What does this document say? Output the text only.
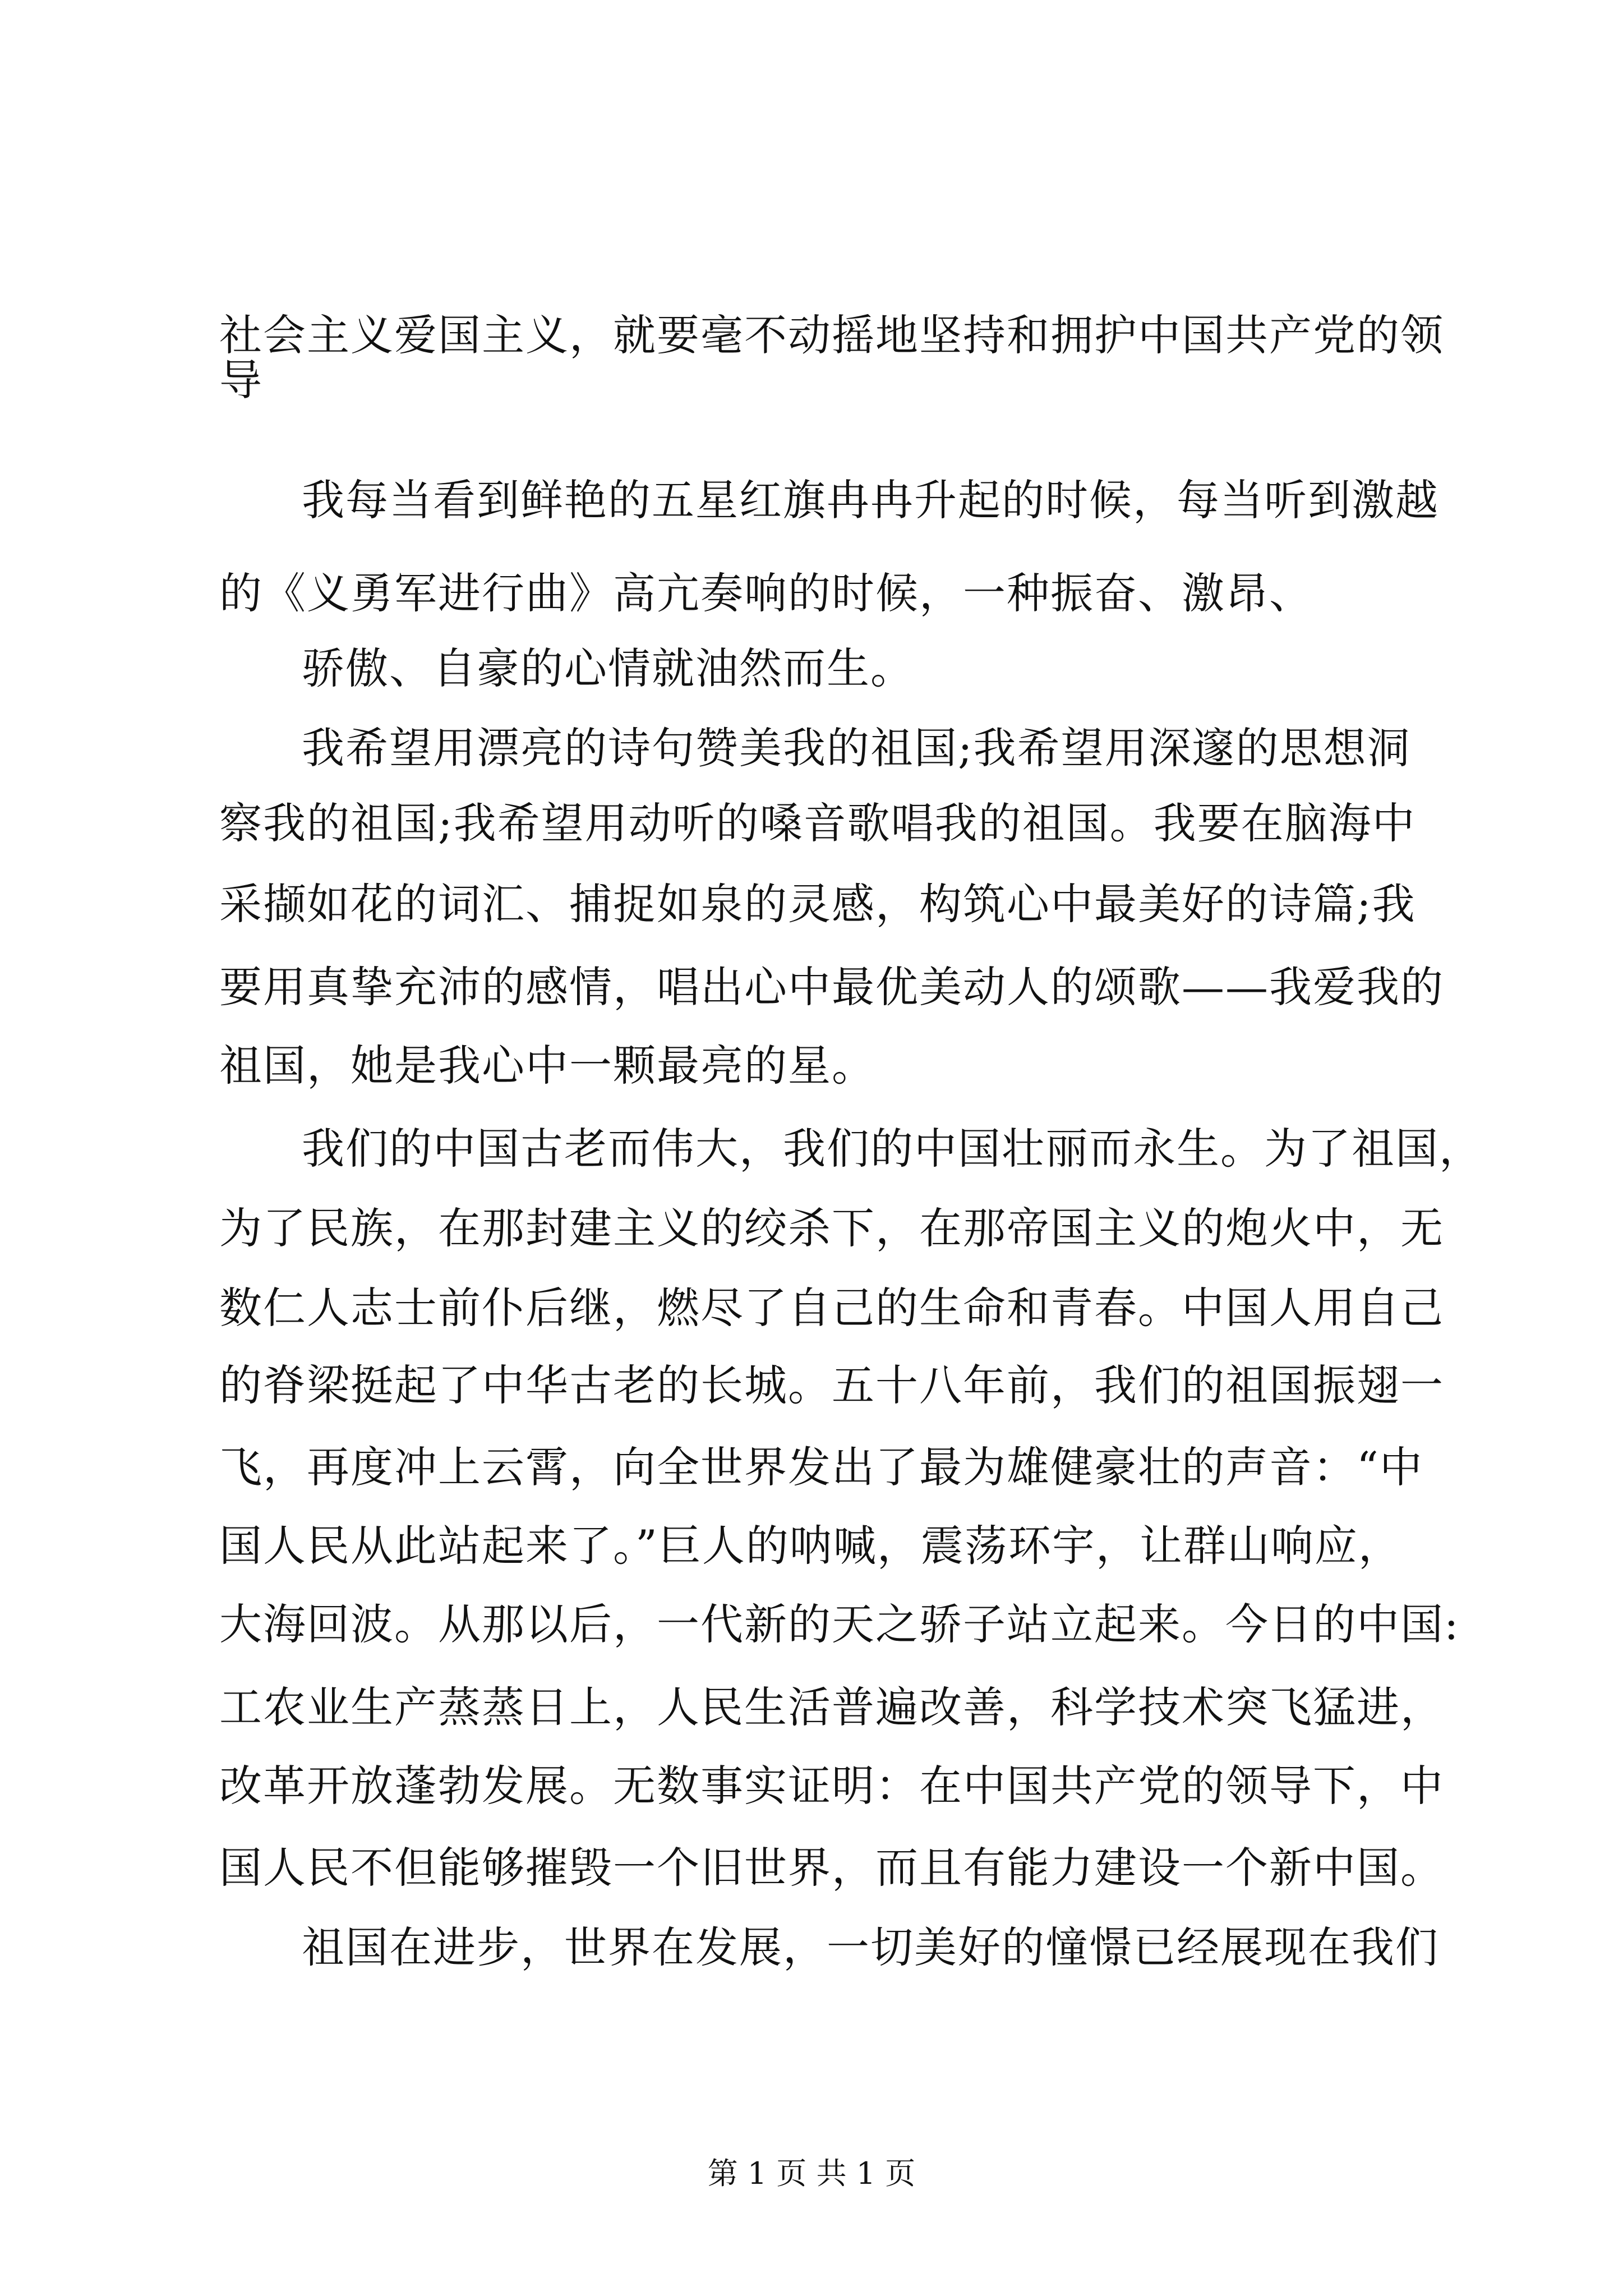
社会主义爱国主义，就要毫不动摇地坚持和拥护中国共产党的领
导
我每当看到鲜艳的五星红旗冉冉升起的时候，每当听到激越
的《义勇军进行曲》高亢奏响的时候，一种振奋、激昂、
骄傲、自豪的心情就油然而生。
我希望用漂亮的诗句赞美我的祖国;我希望用深邃的思想洞
察我的祖国;我希望用动听的嗓音歌唱我的祖国。我要在脑海中
采撷如花的词汇、捕捉如泉的灵感，构筑心中最美好的诗篇;我
要用真挚充沛的感情，唱出心中最优美动人的颂歌——我爱我的
祖国，她是我心中一颗最亮的星。
我们的中国古老而伟大，我们的中国壮丽而永生。为了祖国，
为了民族，在那封建主义的绞杀下，在那帝国主义的炮火中，无
数仁人志士前仆后继，燃尽了自己的生命和青春。中国人用自己
的脊梁挺起了中华古老的长城。五十八年前，我们的祖国振翅一
飞，再度冲上云霄，向全世界发出了最为雄健豪壮的声音：“中
国人民从此站起来了。”巨人的呐喊，震荡环宇，让群山响应，
大海回波。从那以后，一代新的天之骄子站立起来。今日的中国:
工农业生产蒸蒸日上，人民生活普遍改善，科学技术突飞猛进，
改革开放蓬勃发展。无数事实证明：在中国共产党的领导下，中
国人民不但能够摧毁一个旧世界，而且有能力建设一个新中国。
祖国在进步，世界在发展，一切美好的憧憬已经展现在我们
第 1 页 共 1 页
